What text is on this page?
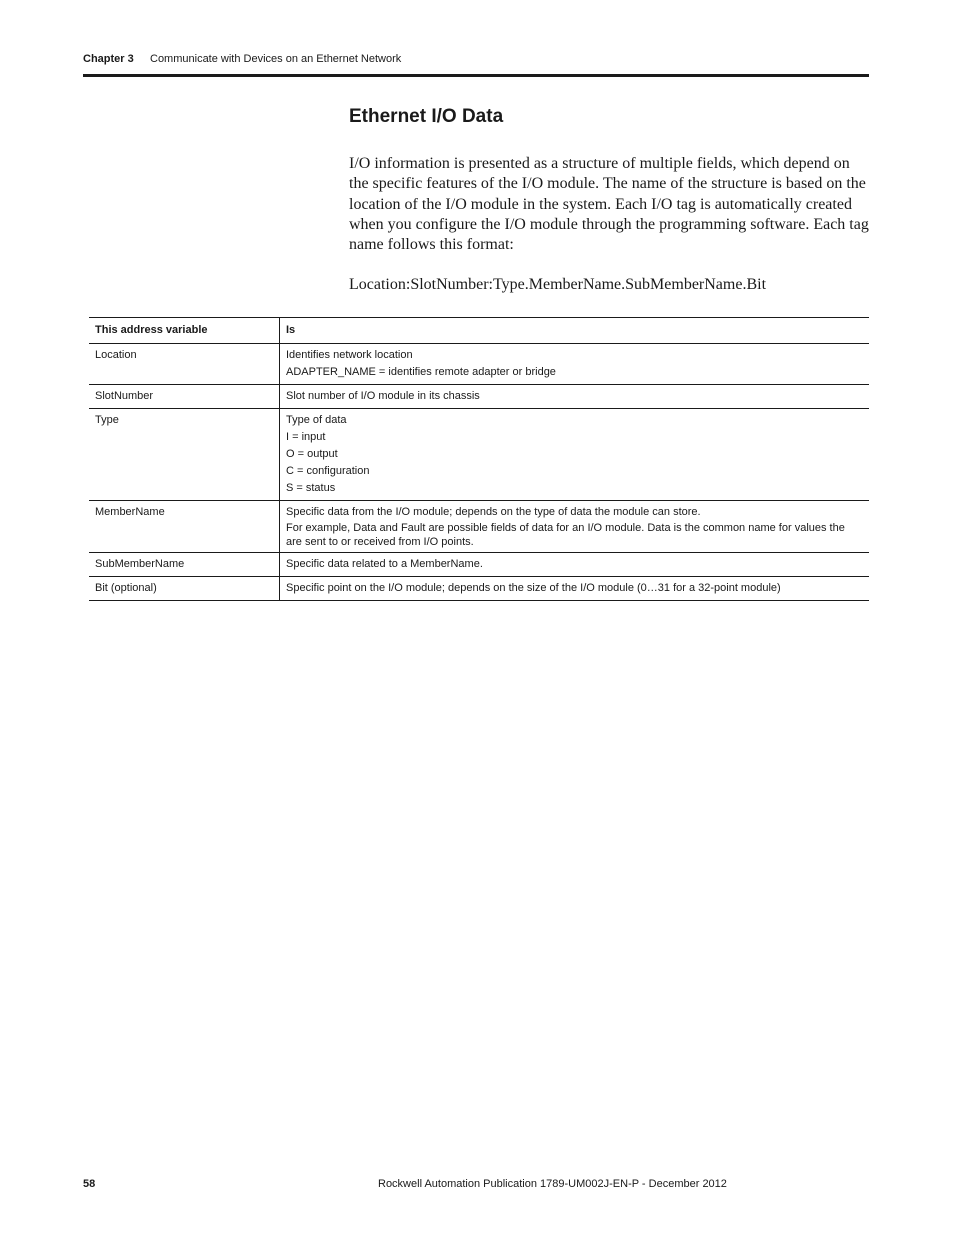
Chapter 3 Communicate with Devices on an Ethernet Network
Ethernet I/O Data

I/O information is presented as a structure of multiple fields, which depend on the specific features of the I/O module. The name of the structure is based on the location of the I/O module in the system. Each I/O tag is automatically created when you configure the I/O module through the programming software. Each tag name follows this format:

Location:SlotNumber:Type.MemberName.SubMemberName.Bit

This address variable	Is
Location	Identifies network location
ADAPTER_NAME = identifies remote adapter or bridge

SlotNumber	Slot number of I/O module in its chassis

Type	Type of data
I = input
O = output
C = configuration
S = status

MemberName	Specific data from the I/O module; depends on the type of data the module can store.
For example, Data and Fault are possible fields of data for an I/O module. Data is the common name for values the are sent to or received from I/O points.

SubMemberName	Specific data related to a MemberName.

Bit (optional)	Specific point on the I/O module; depends on the size of the I/O module (0…31 for a 32-point module)
58	Rockwell Automation Publication 1789-UM002J-EN-P - December 2012
